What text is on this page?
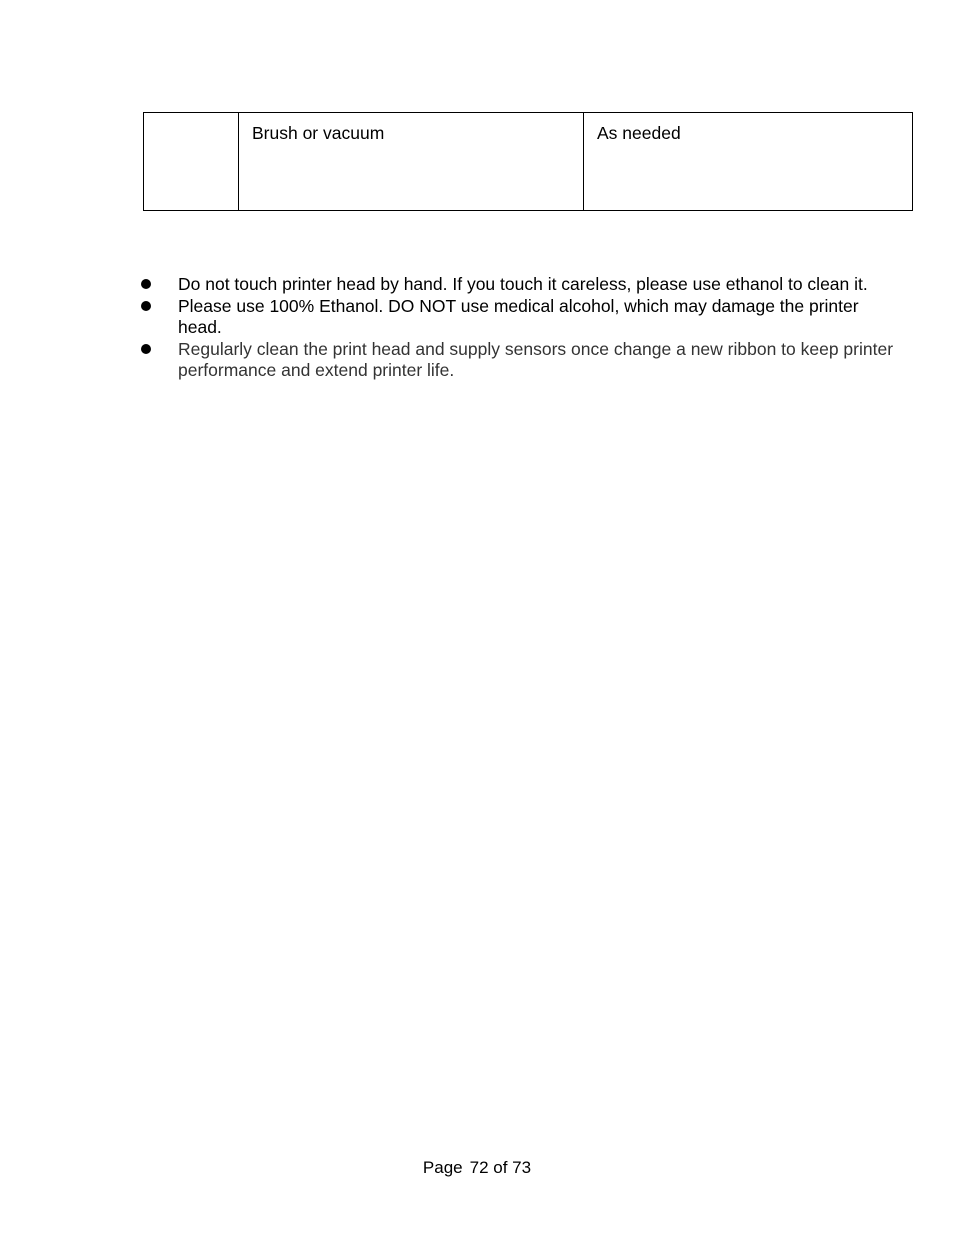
	Brush or vacuum	As needed
Do not touch printer head by hand. If you touch it careless, please use ethanol to clean it.
Please use 100% Ethanol. DO NOT use medical alcohol, which may damage the printer head.
Regularly clean the print head and supply sensors once change a new ribbon to keep printer performance and extend printer life.
Page 72 of 73
